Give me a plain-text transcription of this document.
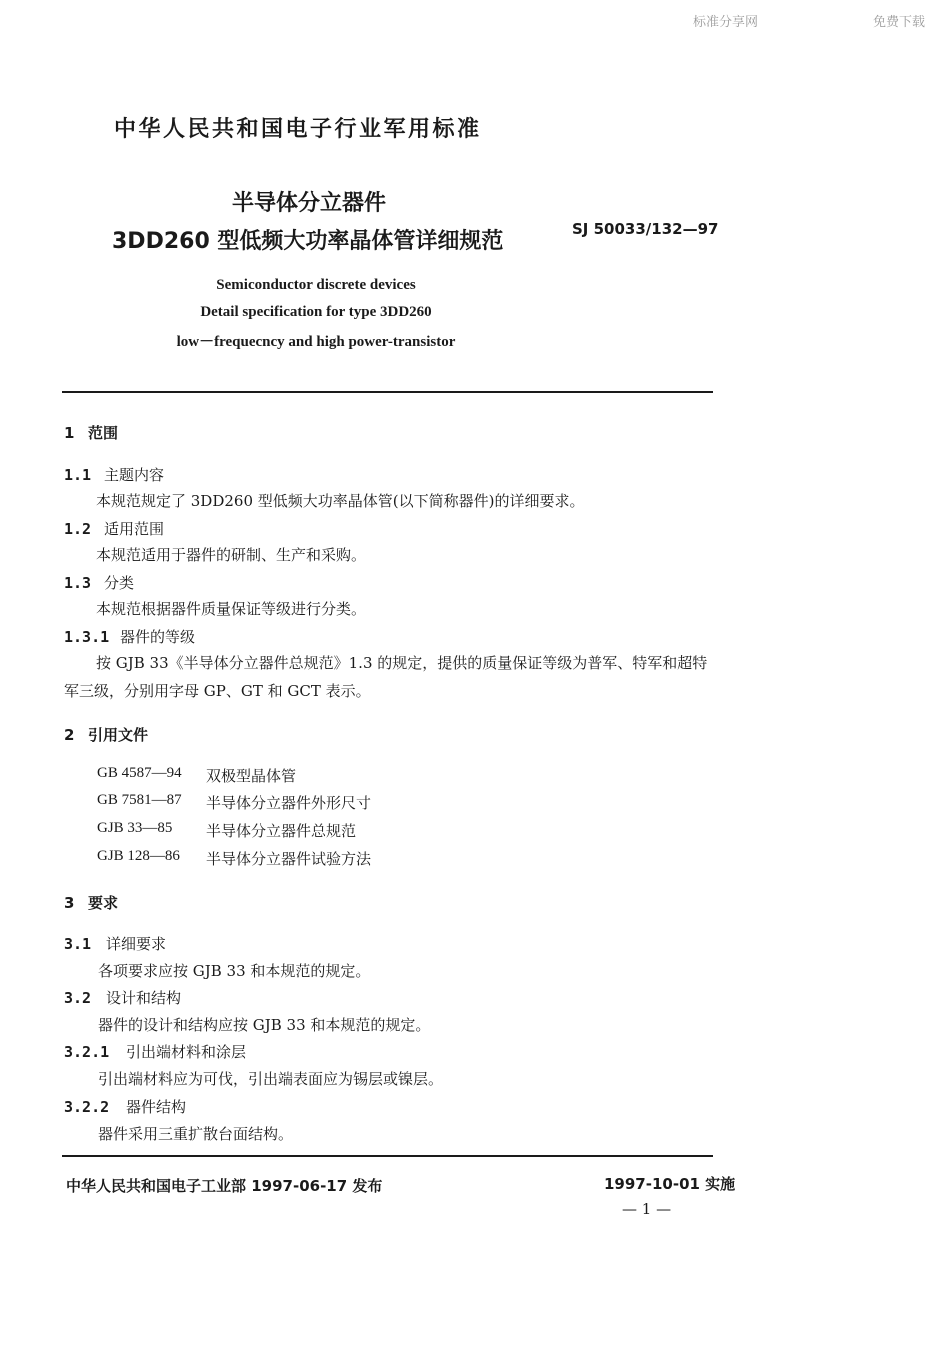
标准分享网	免费下载
中华人民共和国电子行业军用标准
半导体分立器件
3DD260 型低频大功率晶体管详细规范	SJ 50033/132—97
Semiconductor discrete devices
Detail specification for type 3DD260
low－frequecncy and high power-transistor
1 范围
1.1 主题内容
本规范规定了 3DD260 型低频大功率晶体管(以下简称器件)的详细要求。
1.2 适用范围
本规范适用于器件的研制、生产和采购。
1.3 分类
本规范根据器件质量保证等级进行分类。
1.3.1 器件的等级
按 GJB 33《半导体分立器件总规范》1.3 的规定，提供的质量保证等级为普军、特军和超特
军三级，分别用字母 GP、GT 和 GCT 表示。
2 引用文件
GB 4587—94 双极型晶体管
GB 7581—87 半导体分立器件外形尺寸
GJB 33—85 半导体分立器件总规范
GJB 128—86 半导体分立器件试验方法
3 要求
3.1 详细要求
各项要求应按 GJB 33 和本规范的规定。
3.2 设计和结构
器件的设计和结构应按 GJB 33 和本规范的规定。
3.2.1 引出端材料和涂层
引出端材料应为可伐，引出端表面应为锡层或镍层。
3.2.2 器件结构
器件采用三重扩散台面结构。
中华人民共和国电子工业部 1997-06-17 发布	1997-10-01 实施
— 1 —
